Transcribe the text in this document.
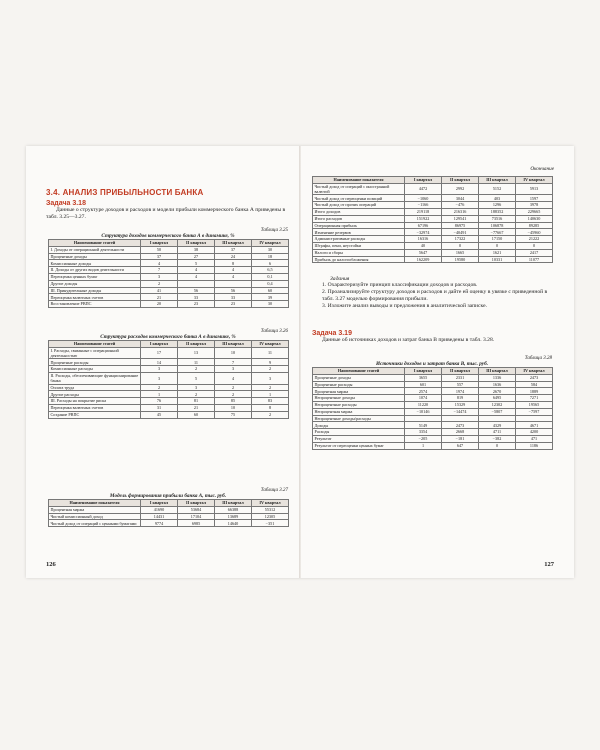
3.4. АНАЛИЗ ПРИБЫЛЬНОСТИ БАНКА
Задача 3.18
Данные о структуре доходов и расходов и модели прибыли коммерческого банка А приведены в табл. 3.25—3.27.
Таблица 3.25
Структура доходов коммерческого банка А в динамике, %
Наименование статей	I квартал	II квартал	III квартал	IV квартал
I. Доходы от операционной деятельности	50	38	37	30
Процентные доходы	37	27	24	18
Комиссионные доходы	4	5	8	6
II. Доходы от других видов деятельности	7	4	4	6,5
Переоценка ценных бумаг	3	4	4	0,1
Другие доходы	2			0,4
III. Принудительные доходы	41	56	56	60
Переоценка валютных счетов	21	33	33	39
Восстановление РВПС	20	23	23	30
Таблица 3.26
Структура расходов коммерческого банка А в динамике, %
Наименование статей	I квартал	II квартал	III квартал	IV квартал
I. Расходы, связанные с операционной деятельностью	17	13	10	11
Процентные расходы	14	11	7	9
Комиссионные расходы	3	2	3	2
II. Расходы, обеспечивающие функционирование банка	3	5	4	3
Оплата труда	2	3	2	2
Другие расходы	1	2	2	1
III. Расходы на покрытие риска	76	81	85	83
Переоценка валютных счетов	31	21	10	8
Создание РВПС	45	60	75	2
Таблица 3.27
Модель формирования прибыли банка А, тыс. руб.
Наименование показателя	I квартал	II квартал	III квартал	IV квартал
Процентная маржа	41690	53684	66388	55312
Чистый комиссионный доход	14431	17104	13689	12305
Чистый доход от операций с ценными бумагами	9774	6985	14640	−351
126
Окончание
Наименование показателя	I квартал	II квартал	III квартал	IV квартал
Чистый доход от операций с иностранной валютой	4472	2992	5152	5913
Чистый доход от переоценки позиций	−1060	3044	403	1597
Чистый доход от прочих операций	−1166	−476	1296	3978
Итого доходов	219118	216316	188352	229665
Итого расходов	151922	129541	73516	140630
Операционная прибыль	67196	86975	106878	89285
Изменение резервов	−32974	−40491	−77667	−45960
Административные расходы	16316	17322	17150	21222
Штрафы, пени, неустойки	40	0	0	0
Налоги и сборы	5647	1665	1621	2417
Прибыль до налогообложения	162209	19580	10331	11077
Задания
1. Охарактеризуйте принцип классификации доходов и расходов.
2. Проанализируйте структуру доходов и расходов и дайте ей оценку в увязке с приведенной в табл. 3.27 моделью формирования прибыли.
3. Изложите анализ выводы и предложения в аналитической записке.
Задача 3.19
Данные об источниках доходов и затрат банка В приведены в табл. 3.28.
Таблица 3.28
Источники доходов и затрат банка В, тыс. руб.
Наименование статей	I квартал	II квартал	III квартал	IV квартал
Процентные доходы	3655	2331	1336	2473
Процентные расходы	601	557	1636	584
Процентная маржа	2574	1974	2670	1889
Непроцентные доходы	1074	819	6495	7271
Непроцентные расходы	11220	15329	12302	19565
Непроцентная маржа	−10146	−14474	−5807	−7597
Непроцентные доходы/расходы				
Доходы	5149	2473	4329	4671
Расходы	3354	2668	4711	4200
Результат	−205	−181	−382	471
Результат от переоценки ценных бумаг	1	647	0	1186
127
